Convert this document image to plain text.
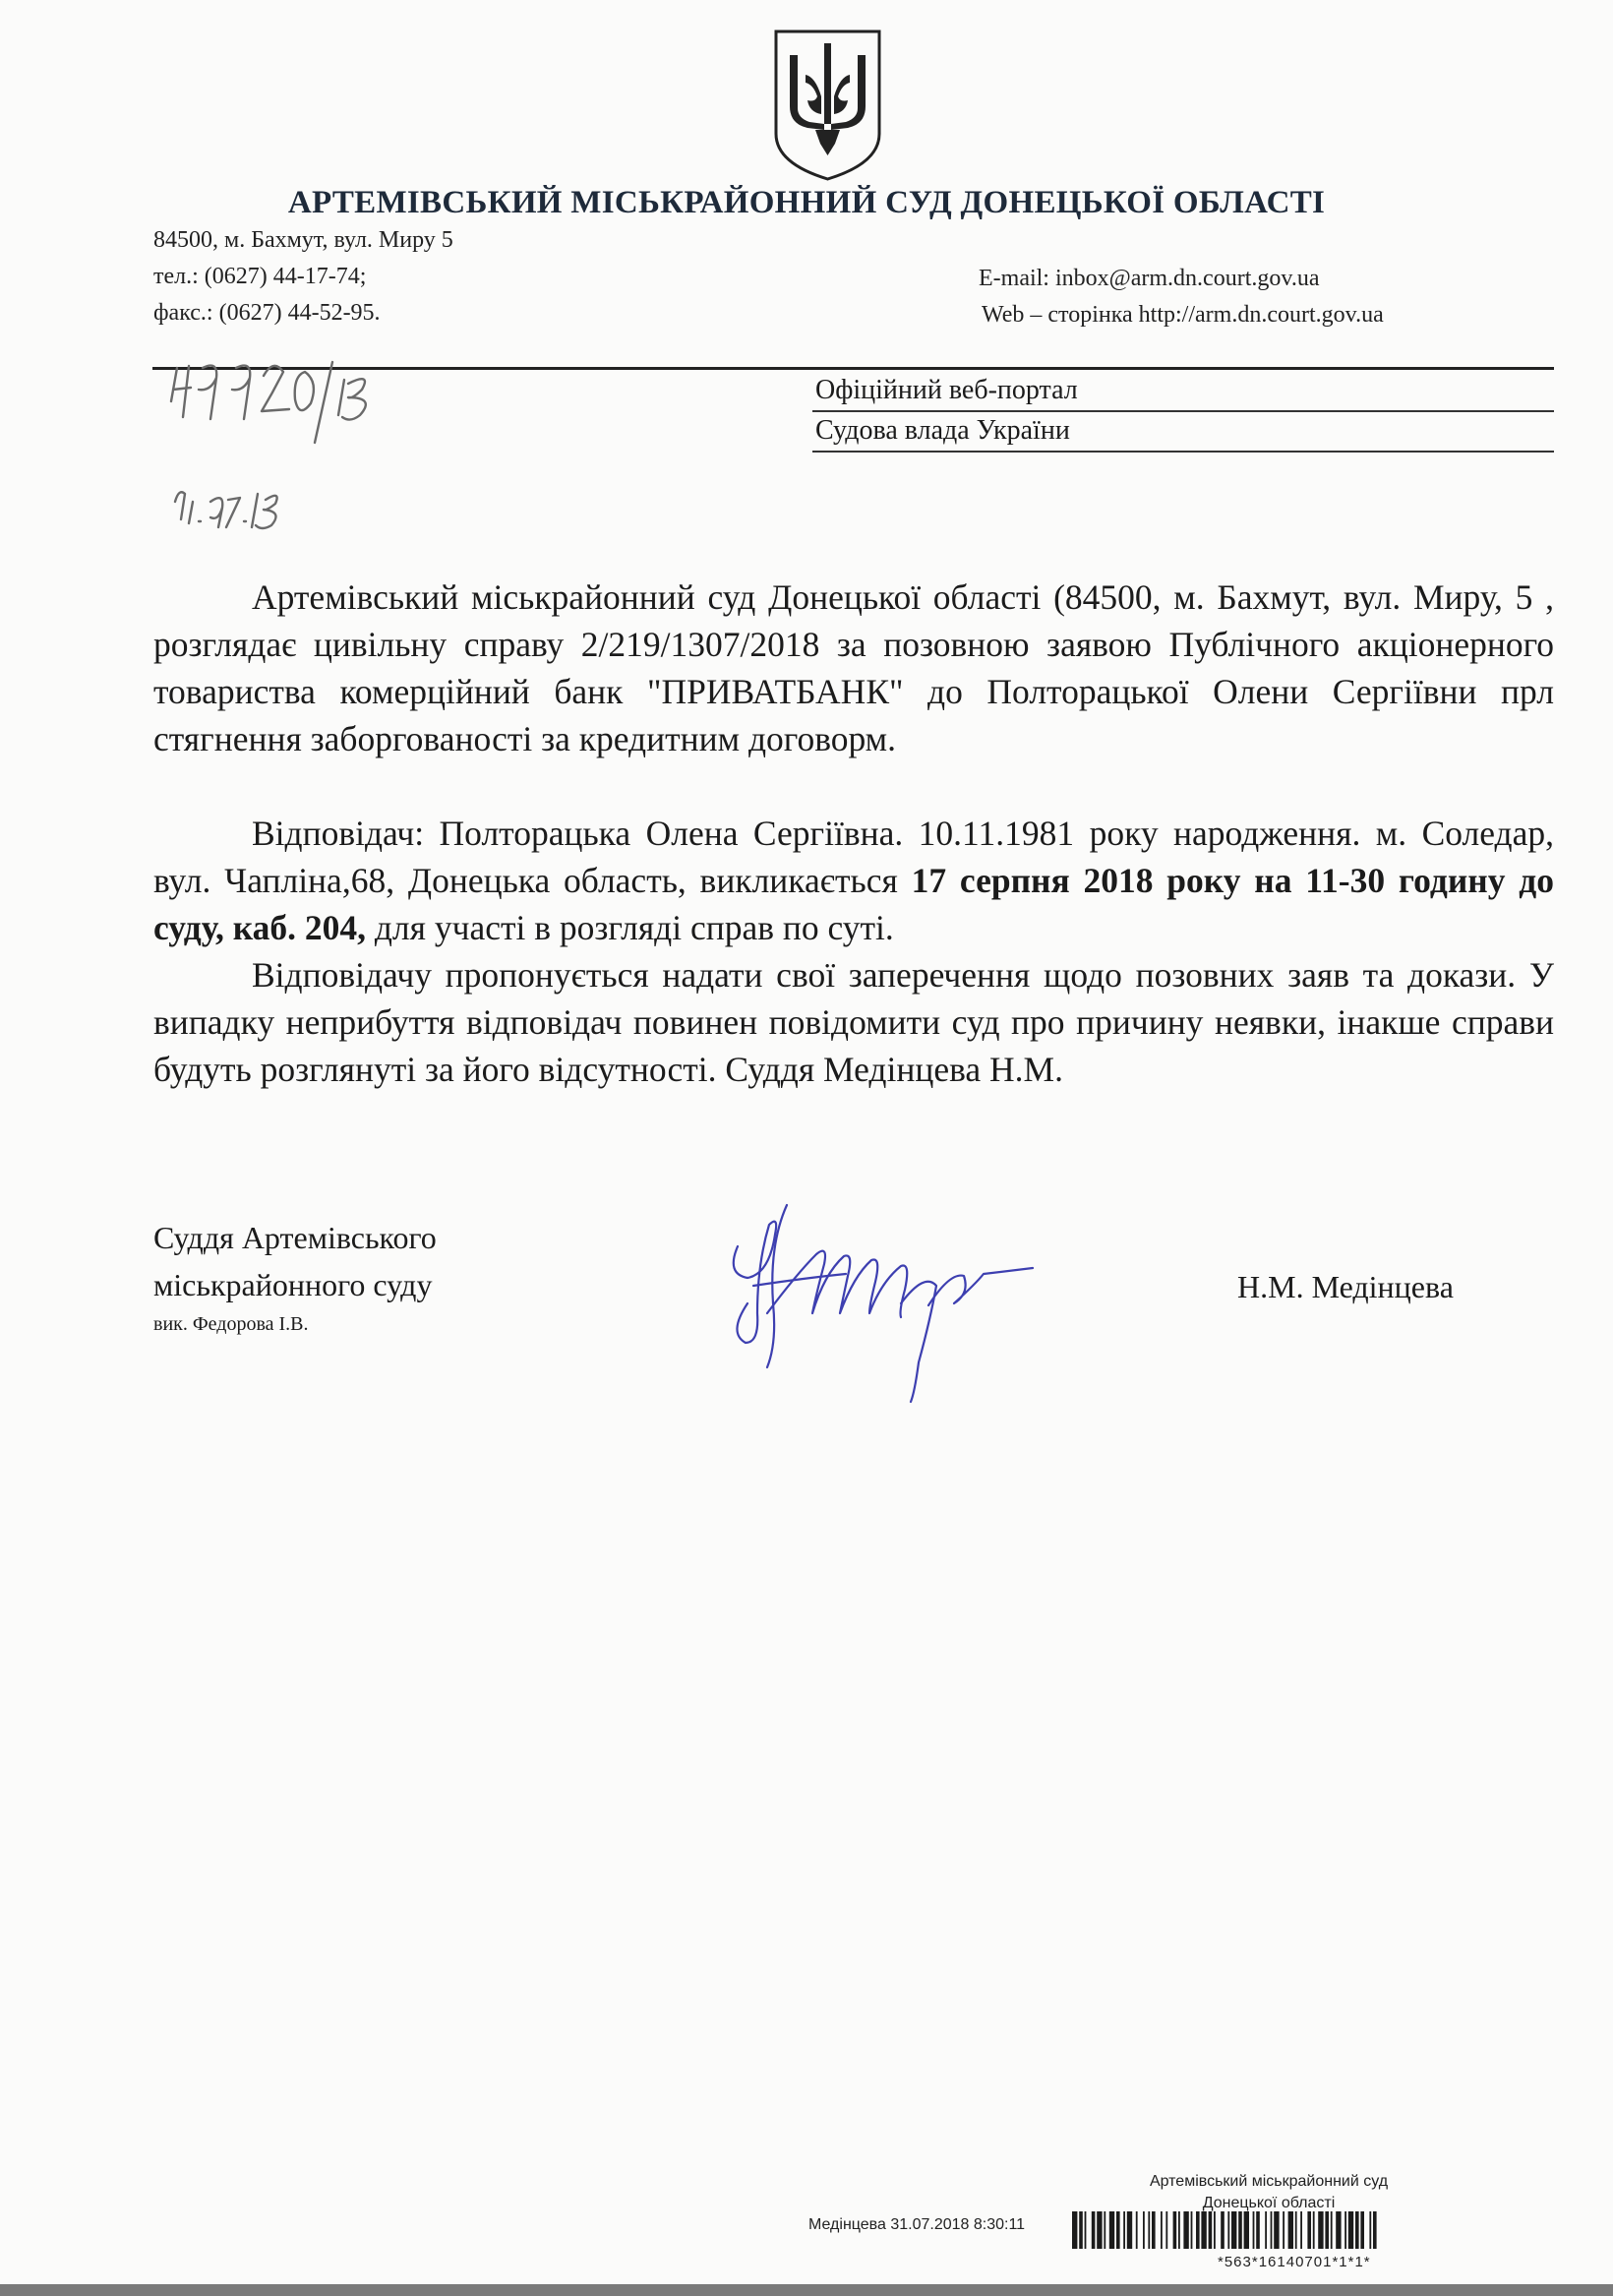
АРТЕМІВСЬКИЙ МІСЬКРАЙОННИЙ СУД ДОНЕЦЬКОЇ ОБЛАСТІ
84500, м. Бахмут, вул. Миру 5
тел.: (0627) 44-17-74;
факс.: (0627) 44-52-95.
E-mail: inbox@arm.dn.court.gov.ua
Web – сторінка http://arm.dn.court.gov.ua
Офіційний веб-портал
Судова влада України
Артемівський міськрайонний суд Донецької області (84500, м. Бахмут, вул. Миру, 5 , розглядає цивільну справу 2/219/1307/2018 за позовною заявою Публічного акціонерного товариства комерційний банк "ПРИВАТБАНК" до Полторацької Олени Сергіївни прл стягнення заборгованості за кредитним договорм.
Відповідач: Полторацька Олена Сергіївна. 10.11.1981 року народження. м. Соледар, вул. Чапліна,68, Донецька область, викликається 17 серпня 2018 року на 11-30 годину до суду, каб. 204, для участі в розгляді справ по суті.
Відповідачу пропонується надати свої заперечення щодо позовних заяв та докази. У випадку неприбуття відповідач повинен повідомити суд про причину неявки, інакше справи будуть розглянуті за його відсутності. Суддя Медінцева Н.М.
Суддя Артемівського
міськрайонного суду
вик. Федорова І.В.
Н.М. Медінцева
Артемівський міськрайонний суд
Донецької області
Медінцева 31.07.2018 8:30:11
*563*16140701*1*1*
